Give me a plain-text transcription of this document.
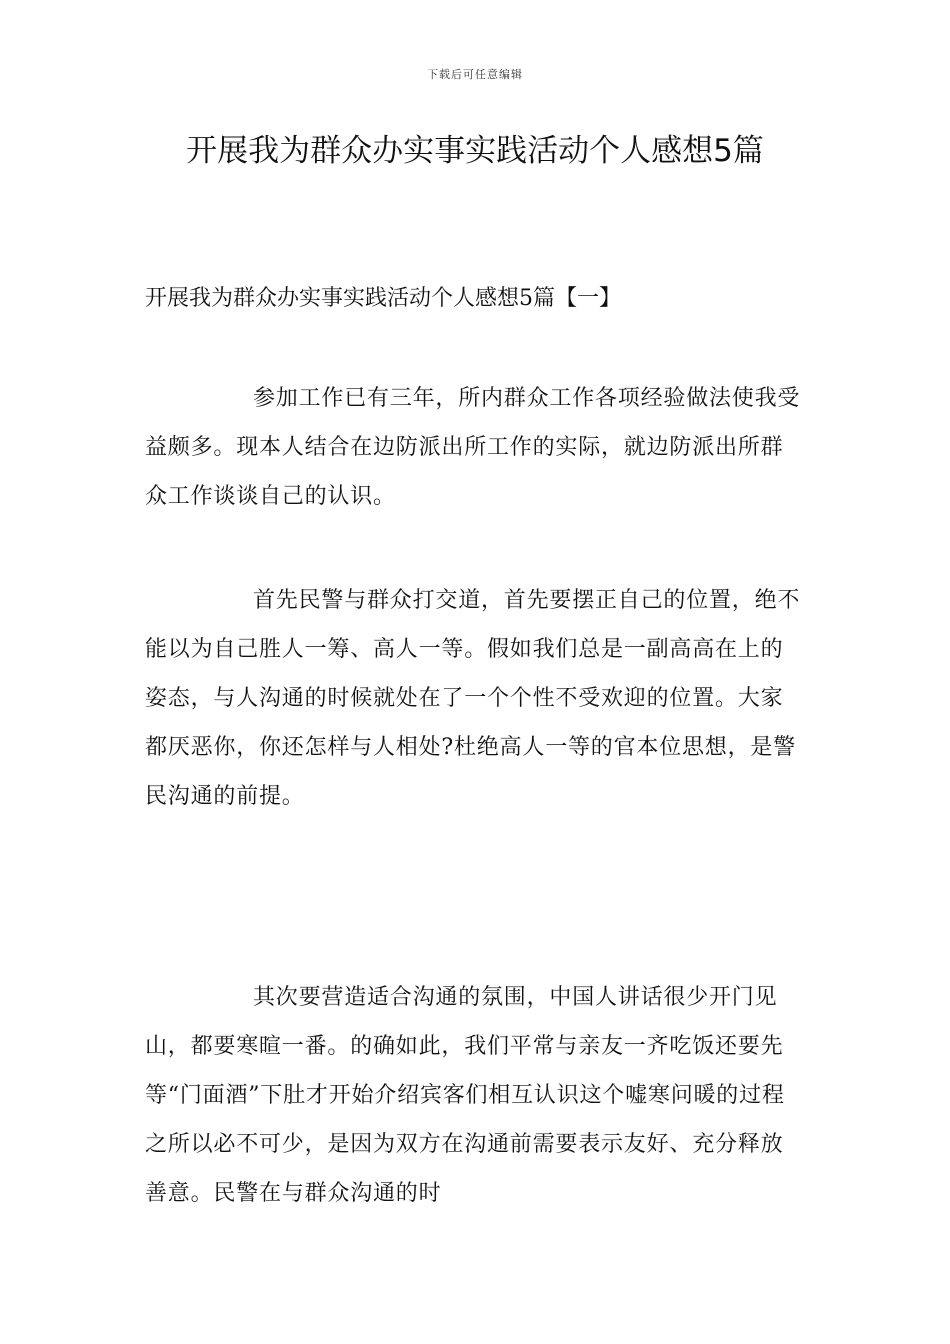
下载后可任意编辑
开展我为群众办实事实践活动个人感想5篇

开展我为群众办实事实践活动个人感想5篇【一】

参加工作已有三年，所内群众工作各项经验做法使我受益颇多。现本人结合在边防派出所工作的实际，就边防派出所群众工作谈谈自己的认识。

首先民警与群众打交道，首先要摆正自己的位置，绝不能以为自己胜人一筹、高人一等。假如我们总是一副高高在上的姿态，与人沟通的时候就处在了一个个性不受欢迎的位置。大家都厌恶你，你还怎样与人相处?杜绝高人一等的官本位思想，是警民沟通的前提。

其次要营造适合沟通的氛围，中国人讲话很少开门见山，都要寒暄一番。的确如此，我们平常与亲友一齐吃饭还要先等“门面酒”下肚才开始介绍宾客们相互认识这个嘘寒问暖的过程之所以必不可少，是因为双方在沟通前需要表示友好、充分释放善意。民警在与群众沟通的时
